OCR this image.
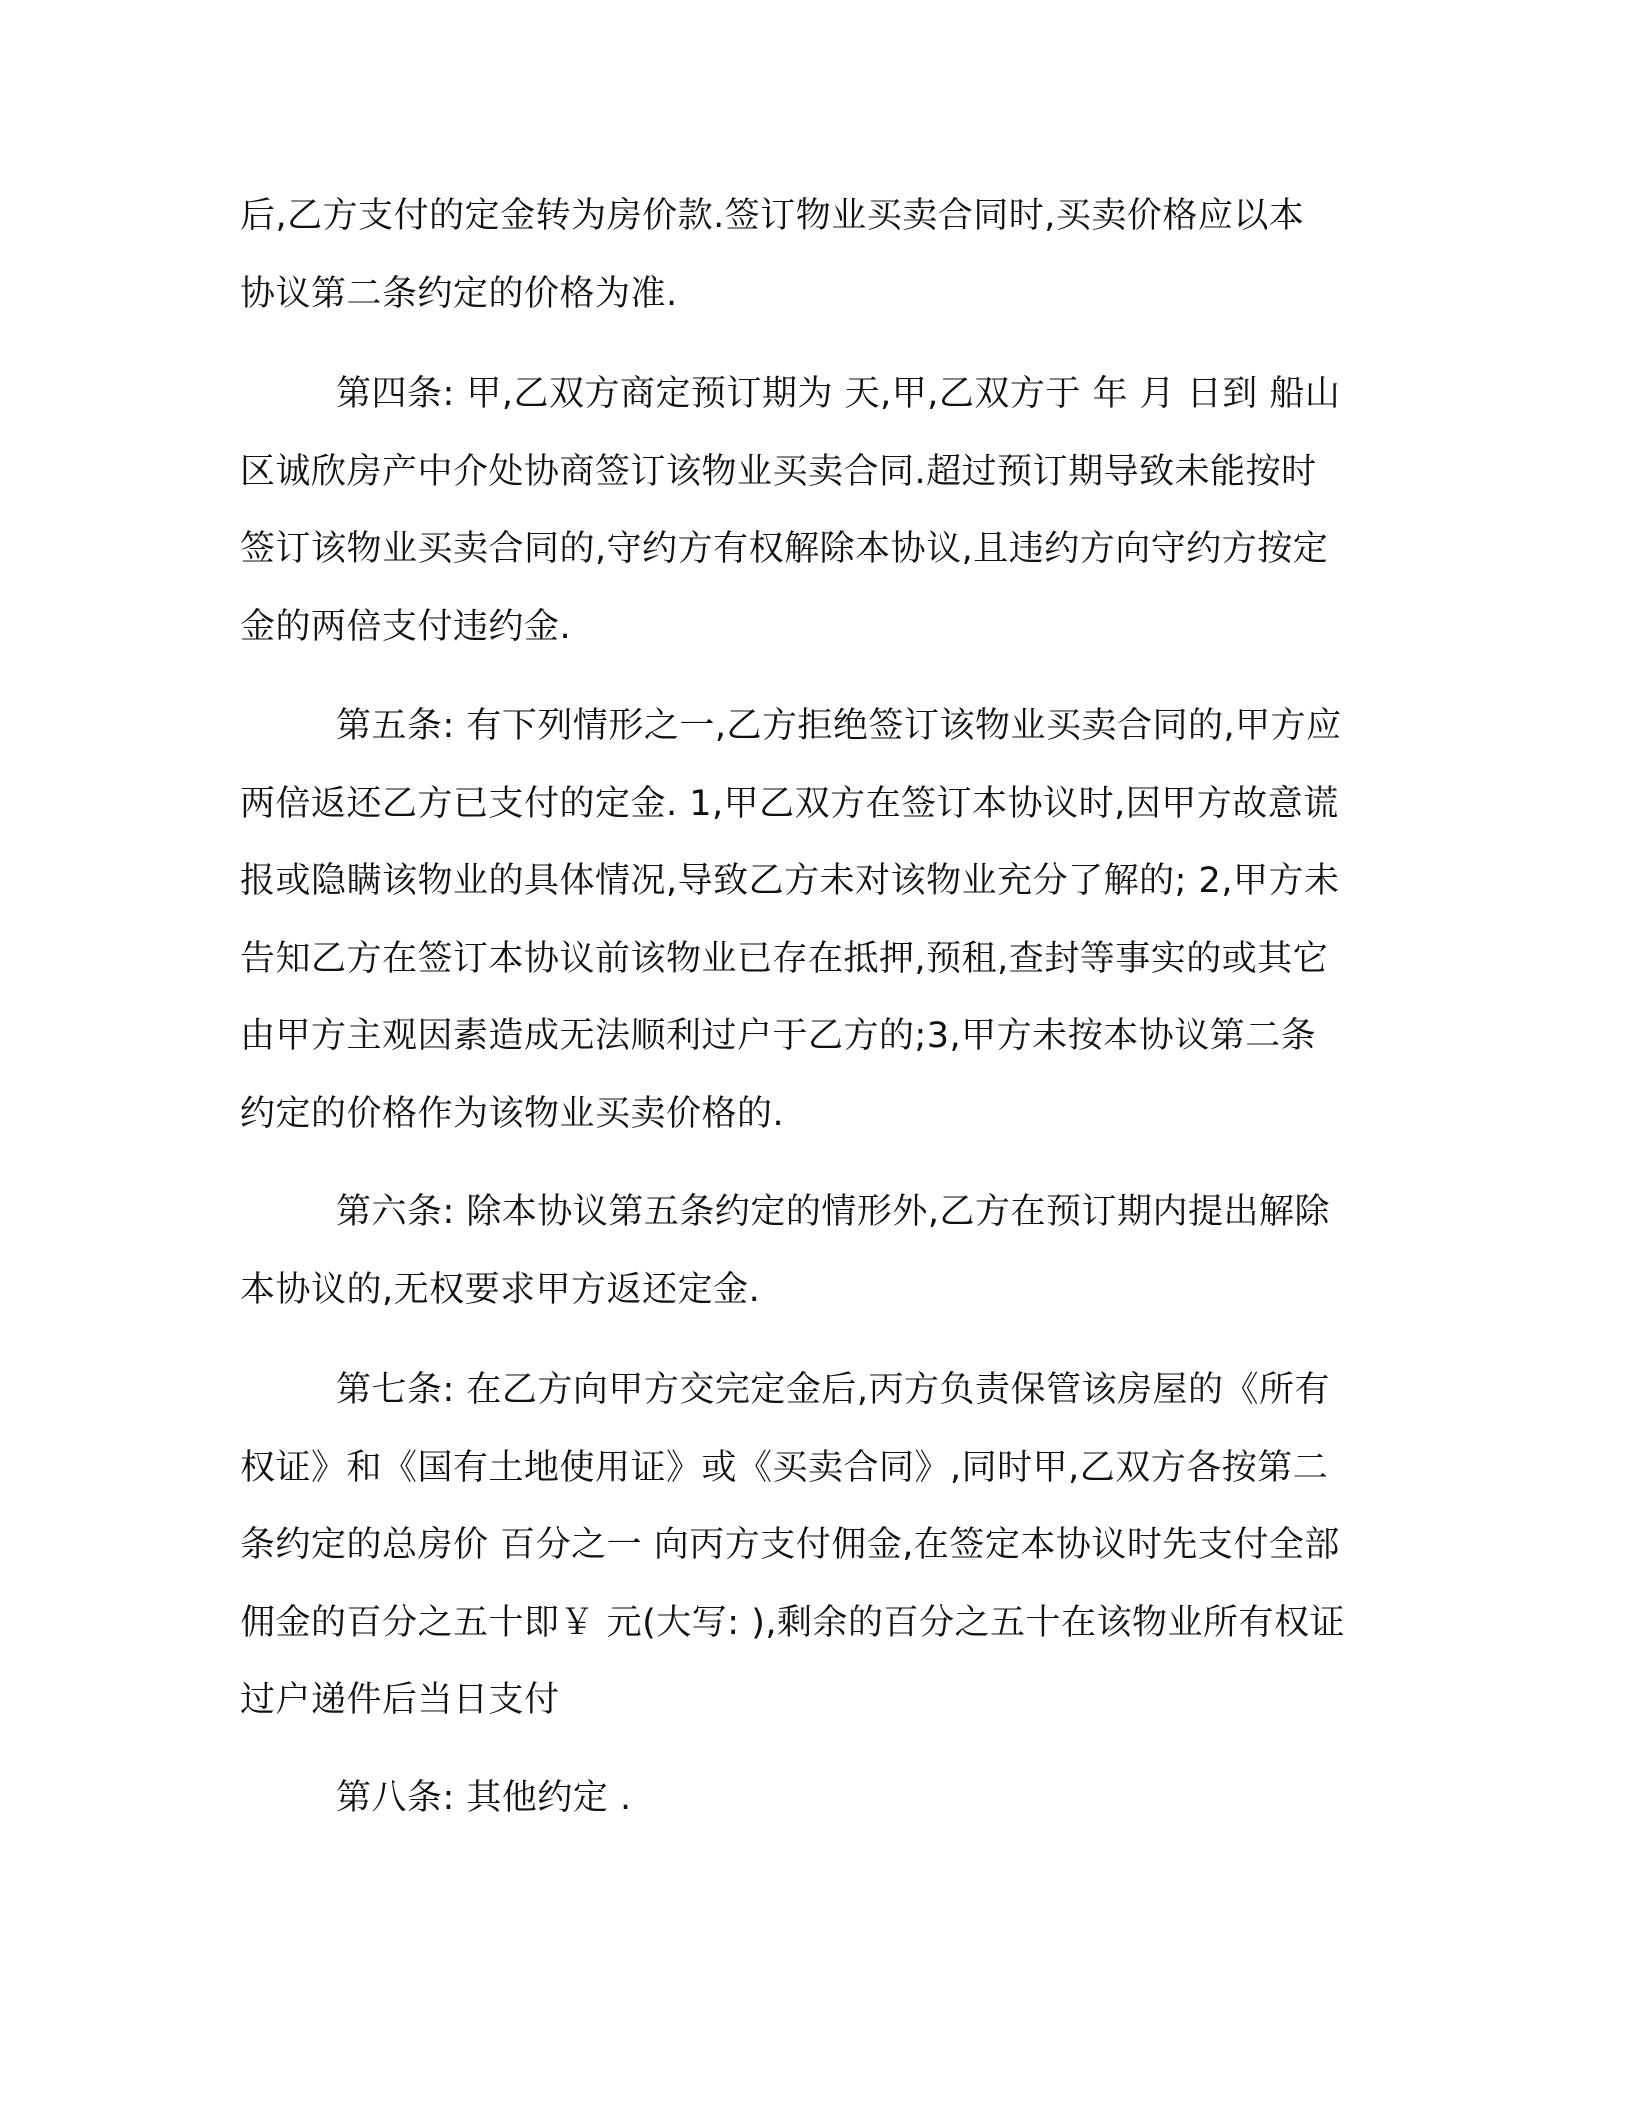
后,乙方支付的定金转为房价款.签订物业买卖合同时,买卖价格应以本
协议第二条约定的价格为准.
第四条: 甲,乙双方商定预订期为 天,甲,乙双方于 年 月 日到 船山
区诚欣房产中介处协商签订该物业买卖合同.超过预订期导致未能按时
签订该物业买卖合同的,守约方有权解除本协议,且违约方向守约方按定
金的两倍支付违约金.
第五条: 有下列情形之一,乙方拒绝签订该物业买卖合同的,甲方应
两倍返还乙方已支付的定金. 1,甲乙双方在签订本协议时,因甲方故意谎
报或隐瞒该物业的具体情况,导致乙方未对该物业充分了解的; 2,甲方未
告知乙方在签订本协议前该物业已存在抵押,预租,查封等事实的或其它
由甲方主观因素造成无法顺利过户于乙方的;3,甲方未按本协议第二条
约定的价格作为该物业买卖价格的.
第六条: 除本协议第五条约定的情形外,乙方在预订期内提出解除
本协议的,无权要求甲方返还定金.
第七条: 在乙方向甲方交完定金后,丙方负责保管该房屋的《所有
权证》和《国有土地使用证》或《买卖合同》,同时甲,乙双方各按第二
条约定的总房价 百分之一 向丙方支付佣金,在签定本协议时先支付全部
佣金的百分之五十即￥ 元(大写: ),剩余的百分之五十在该物业所有权证
过户递件后当日支付
第八条: 其他约定 .
